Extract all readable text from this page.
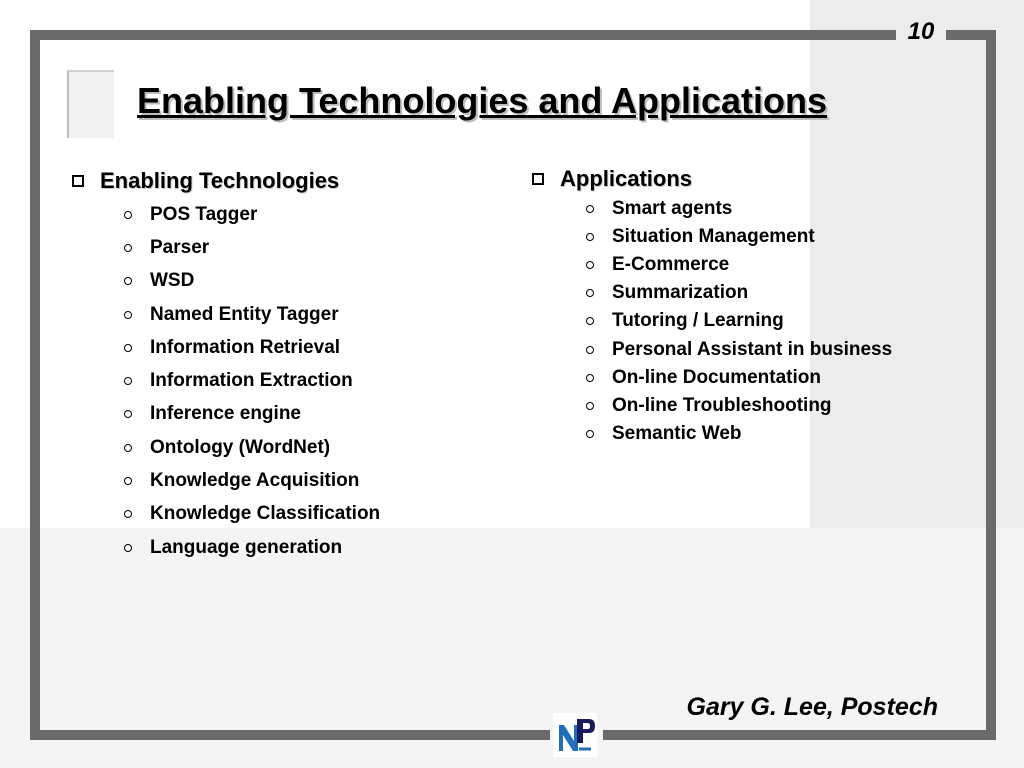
10
Enabling Technologies and Applications
Enabling Technologies
POS Tagger
Parser
WSD
Named Entity Tagger
Information Retrieval
Information Extraction
Inference engine
Ontology (WordNet)
Knowledge Acquisition
Knowledge Classification
Language generation
Applications
Smart agents
Situation Management
E-Commerce
Summarization
Tutoring / Learning
Personal Assistant in business
On-line Documentation
On-line Troubleshooting
Semantic Web
Gary G. Lee, Postech
